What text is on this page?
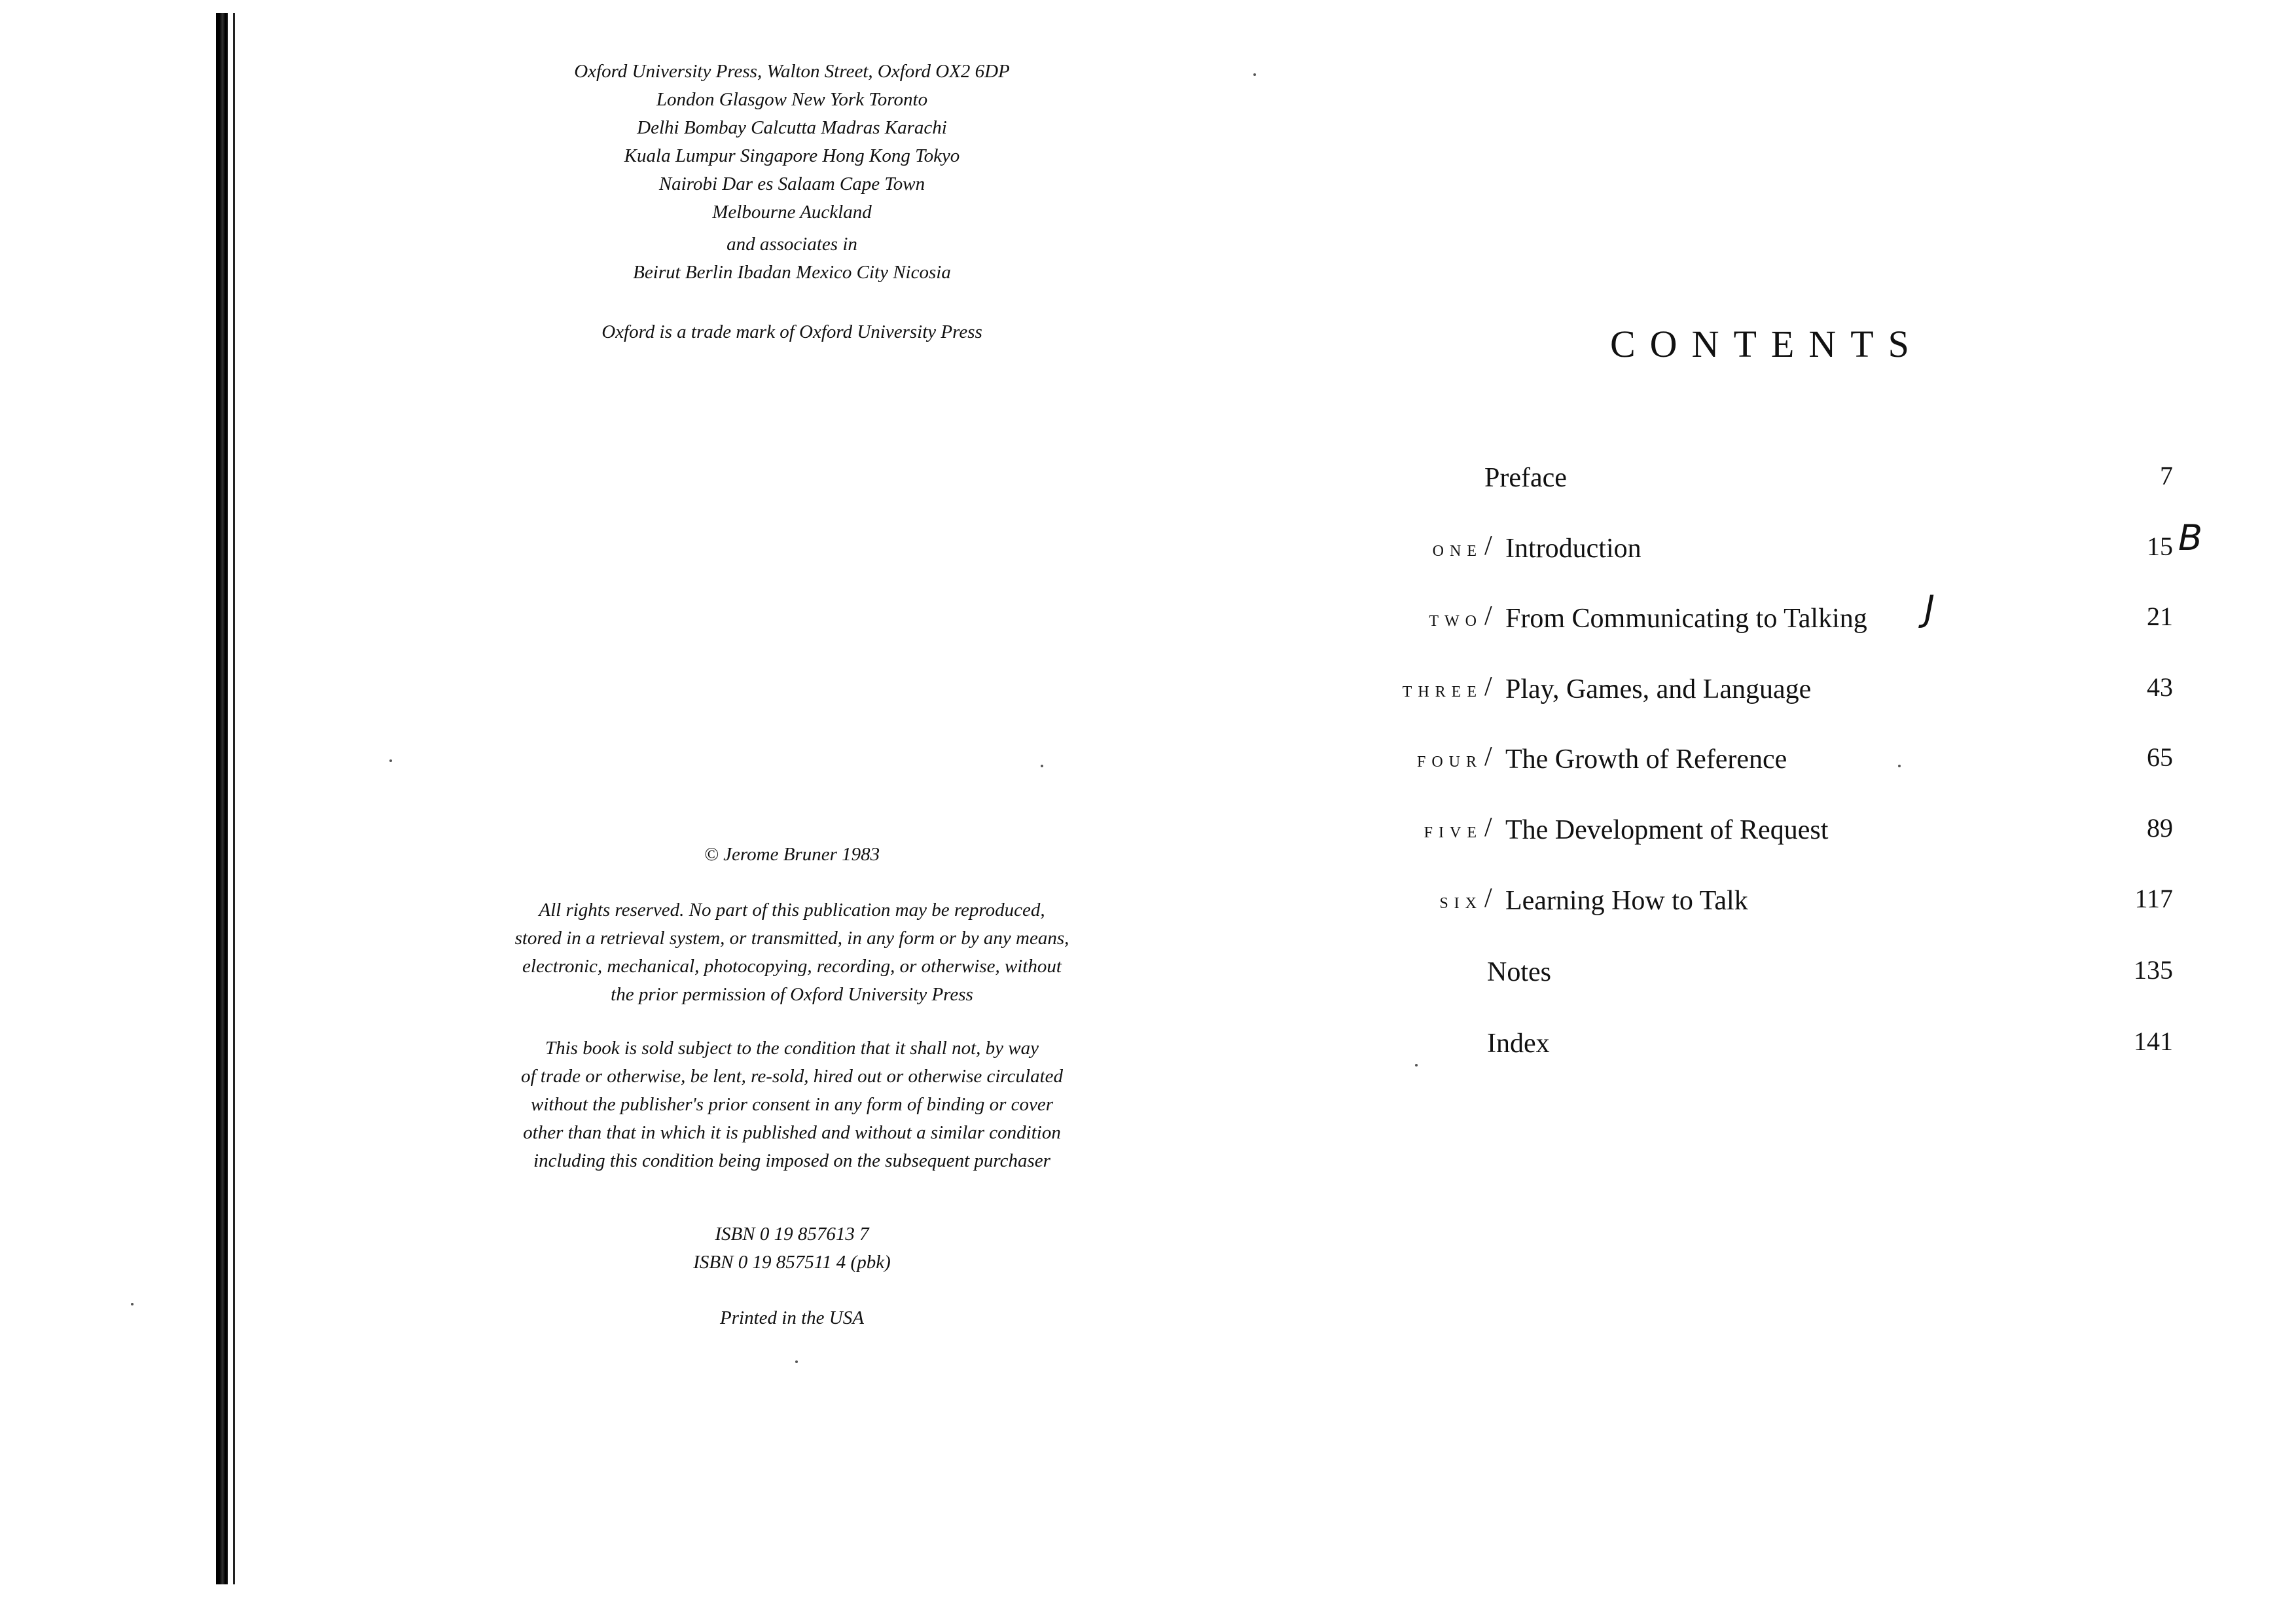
Oxford University Press, Walton Street, Oxford OX2 6DP
London Glasgow New York Toronto
Delhi Bombay Calcutta Madras Karachi
Kuala Lumpur Singapore Hong Kong Tokyo
Nairobi Dar es Salaam Cape Town
Melbourne Auckland
and associates in
Beirut Berlin Ibadan Mexico City Nicosia
Oxford is a trade mark of Oxford University Press
© Jerome Bruner 1983
All rights reserved. No part of this publication may be reproduced,
stored in a retrieval system, or transmitted, in any form or by any means,
electronic, mechanical, photocopying, recording, or otherwise, without
the prior permission of Oxford University Press
This book is sold subject to the condition that it shall not, by way
of trade or otherwise, be lent, re-sold, hired out or otherwise circulated
without the publisher's prior consent in any form of binding or cover
other than that in which it is published and without a similar condition
including this condition being imposed on the subsequent purchaser
ISBN 0 19 857613 7
ISBN 0 19 857511 4 (pbk)
Printed in the USA
CONTENTS
Preface	7
ONE / Introduction	15
TWO / From Communicating to Talking	21
THREE / Play, Games, and Language	43
FOUR / The Growth of Reference	65
FIVE / The Development of Request	89
SIX / Learning How to Talk	117
Notes	135
Index	141
B
J
